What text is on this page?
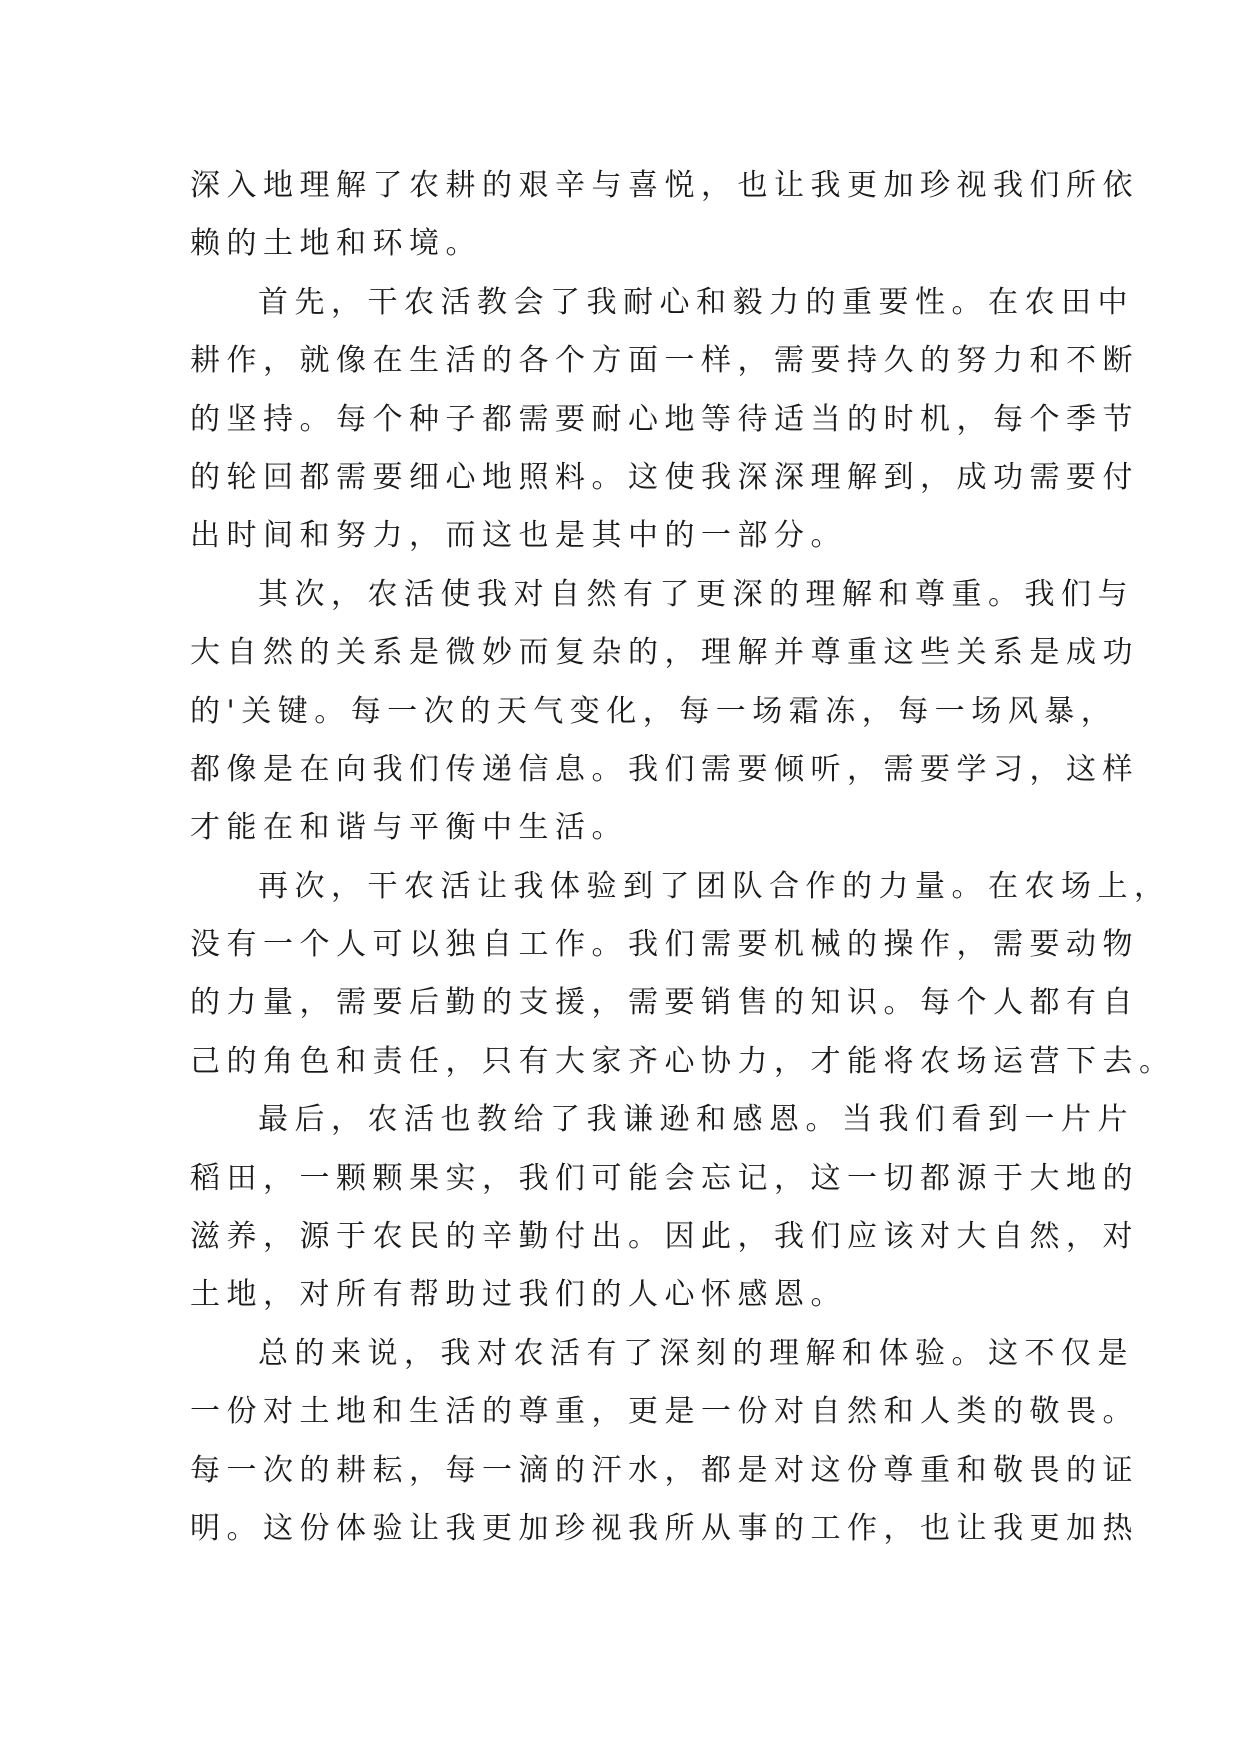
深入地理解了农耕的艰辛与喜悦，也让我更加珍视我们所依
赖的土地和环境。
首先，干农活教会了我耐心和毅力的重要性。在农田中
耕作，就像在生活的各个方面一样，需要持久的努力和不断
的坚持。每个种子都需要耐心地等待适当的时机，每个季节
的轮回都需要细心地照料。这使我深深理解到，成功需要付
出时间和努力，而这也是其中的一部分。
其次，农活使我对自然有了更深的理解和尊重。我们与
大自然的关系是微妙而复杂的，理解并尊重这些关系是成功
的'关键。每一次的天气变化，每一场霜冻，每一场风暴，
都像是在向我们传递信息。我们需要倾听，需要学习，这样
才能在和谐与平衡中生活。
再次，干农活让我体验到了团队合作的力量。在农场上，
没有一个人可以独自工作。我们需要机械的操作，需要动物
的力量，需要后勤的支援，需要销售的知识。每个人都有自
己的角色和责任，只有大家齐心协力，才能将农场运营下去。
最后，农活也教给了我谦逊和感恩。当我们看到一片片
稻田，一颗颗果实，我们可能会忘记，这一切都源于大地的
滋养，源于农民的辛勤付出。因此，我们应该对大自然，对
土地，对所有帮助过我们的人心怀感恩。
总的来说，我对农活有了深刻的理解和体验。这不仅是
一份对土地和生活的尊重，更是一份对自然和人类的敬畏。
每一次的耕耘，每一滴的汗水，都是对这份尊重和敬畏的证
明。这份体验让我更加珍视我所从事的工作，也让我更加热
